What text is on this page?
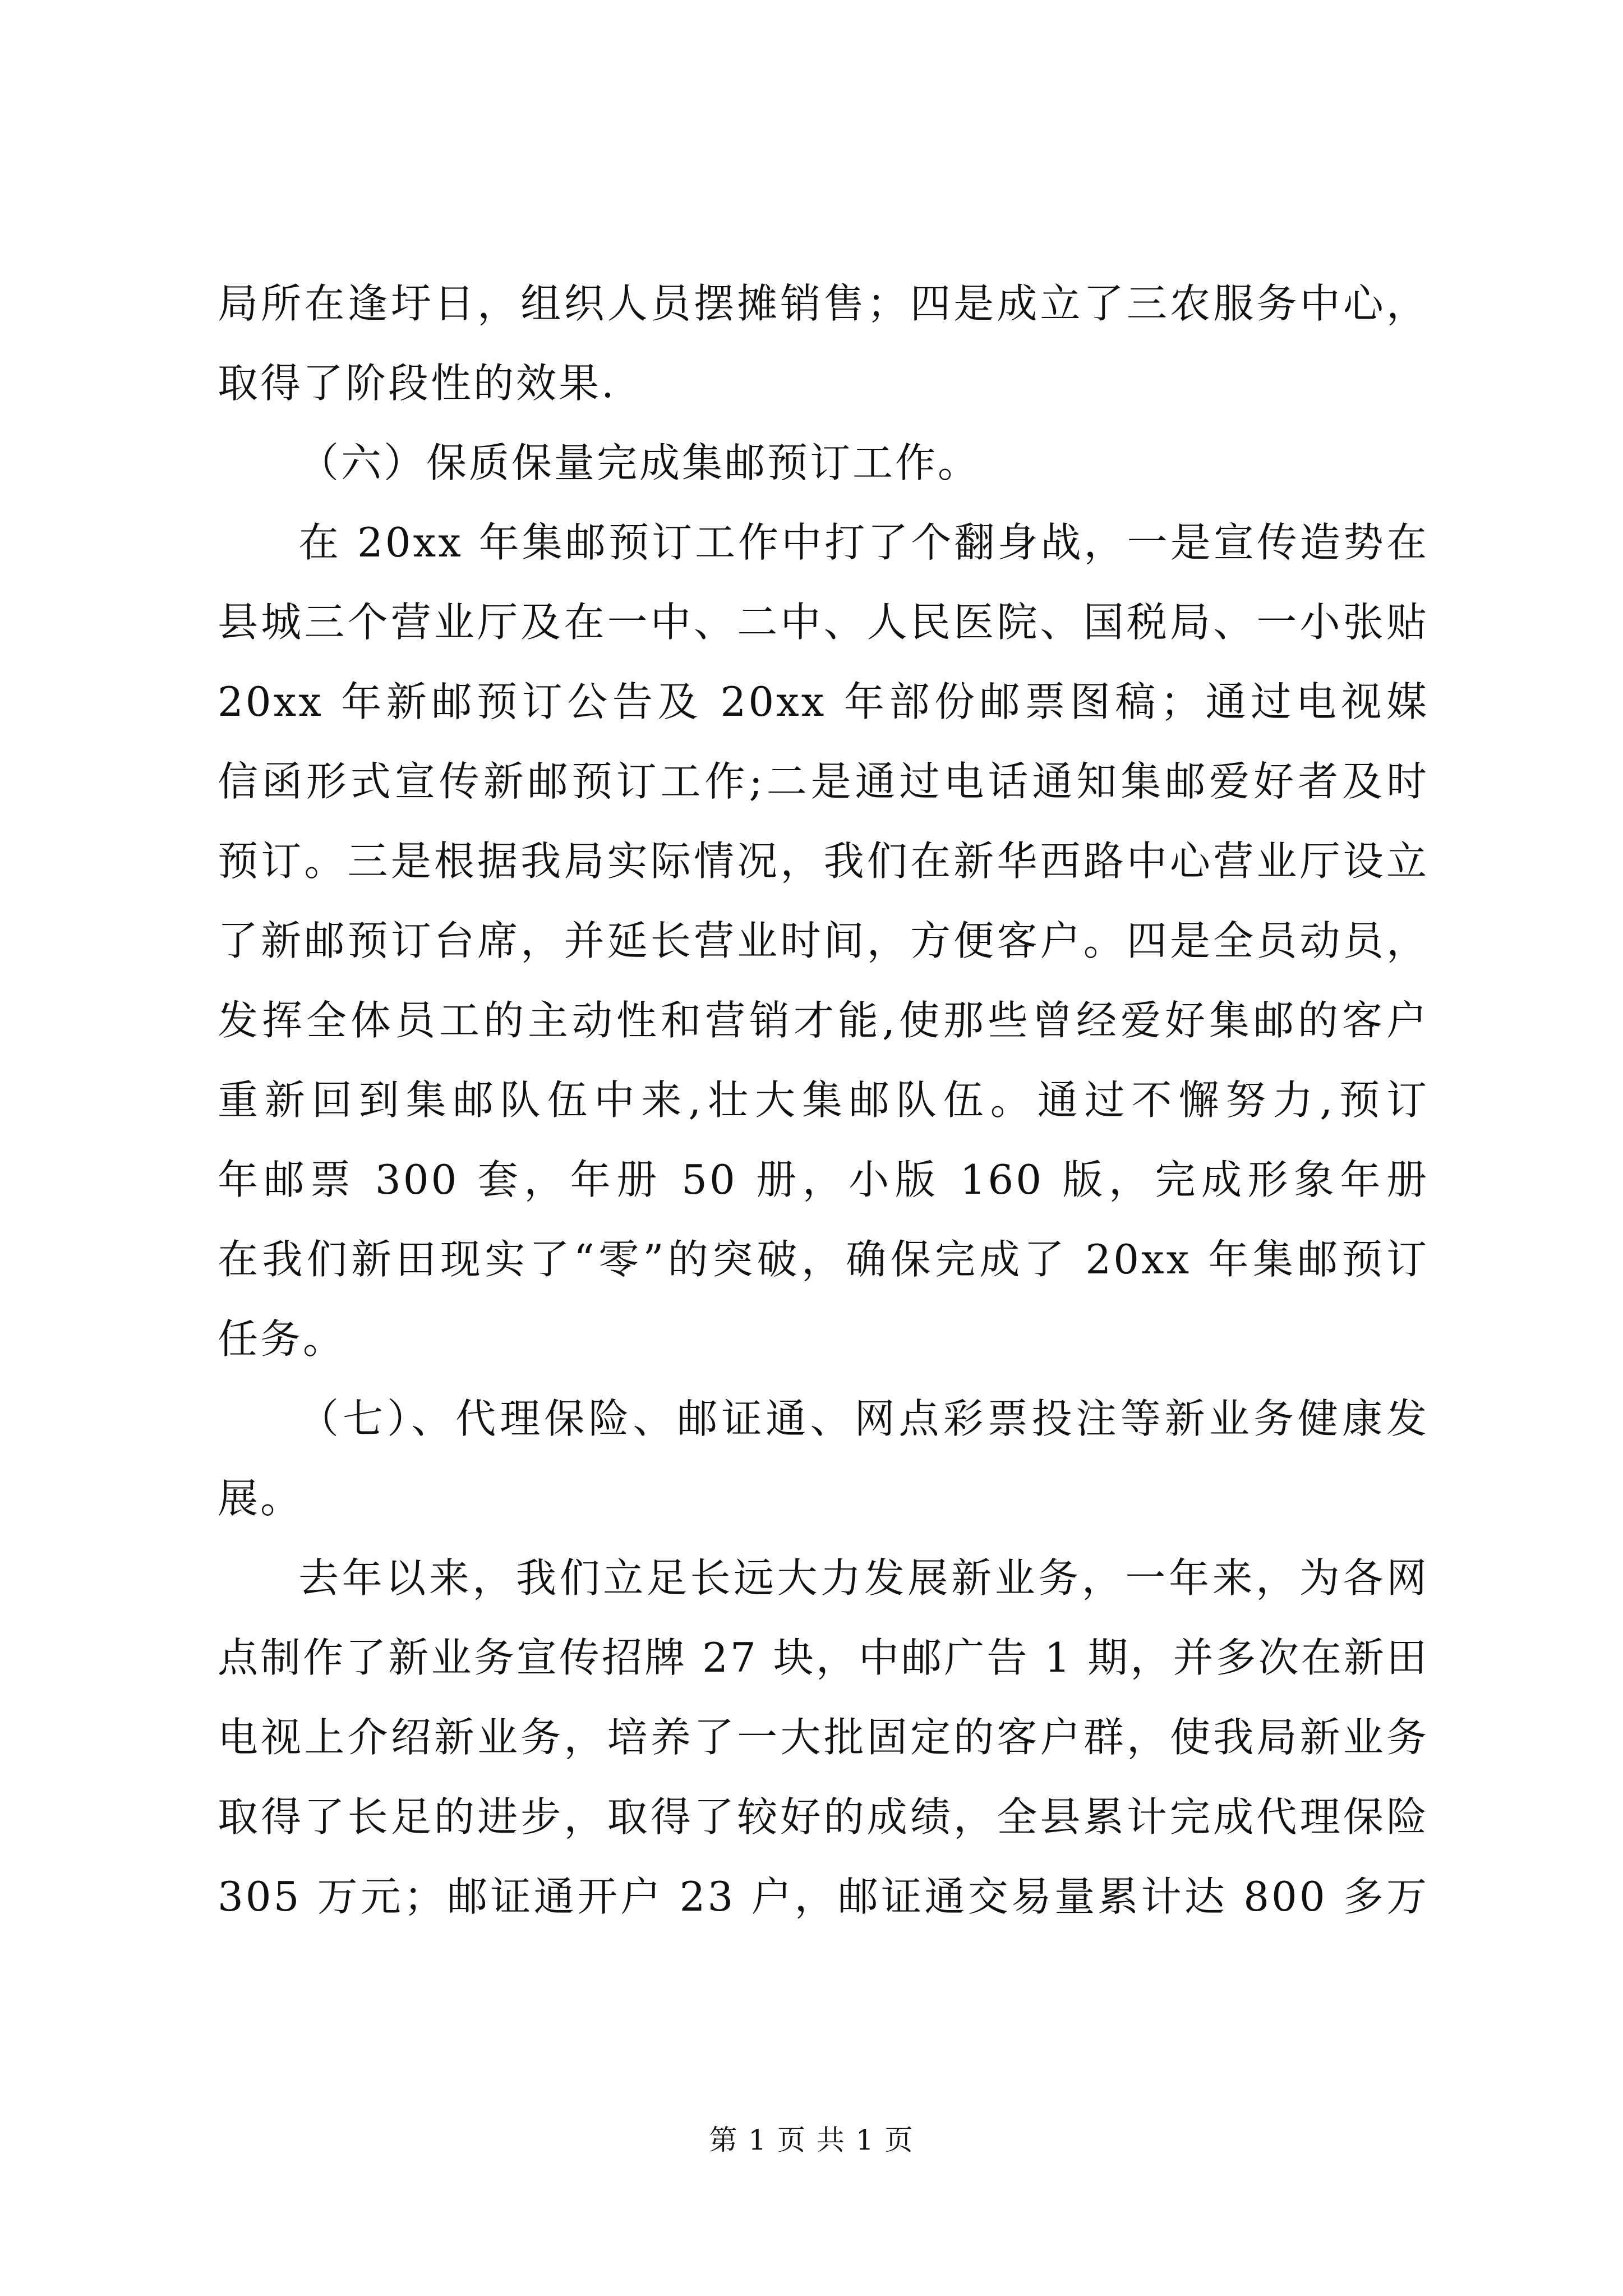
局所在逢圩日，组织人员摆摊销售；四是成立了三农服务中心，
取得了阶段性的效果.
（六）保质保量完成集邮预订工作。
在 20xx 年集邮预订工作中打了个翻身战，一是宣传造势在
县城三个营业厅及在一中、二中、人民医院、国税局、一小张贴
20xx 年新邮预订公告及 20xx 年部份邮票图稿；通过电视媒
信函形式宣传新邮预订工作;二是通过电话通知集邮爱好者及时
预订。三是根据我局实际情况，我们在新华西路中心营业厅设立
了新邮预订台席，并延长营业时间，方便客户。四是全员动员，
发挥全体员工的主动性和营销才能,使那些曾经爱好集邮的客户
重新回到集邮队伍中来,壮大集邮队伍。通过不懈努力,预订
年邮票 300 套，年册 50 册，小版 160 版，完成形象年册
在我们新田现实了“零”的突破，确保完成了 20xx 年集邮预订
任务。
（七）、代理保险、邮证通、网点彩票投注等新业务健康发
展。
去年以来，我们立足长远大力发展新业务，一年来，为各网
点制作了新业务宣传招牌 27 块，中邮广告 1 期，并多次在新田
电视上介绍新业务，培养了一大批固定的客户群，使我局新业务
取得了长足的进步，取得了较好的成绩，全县累计完成代理保险
305 万元；邮证通开户 23 户，邮证通交易量累计达 800 多万
第 1 页 共 1 页
